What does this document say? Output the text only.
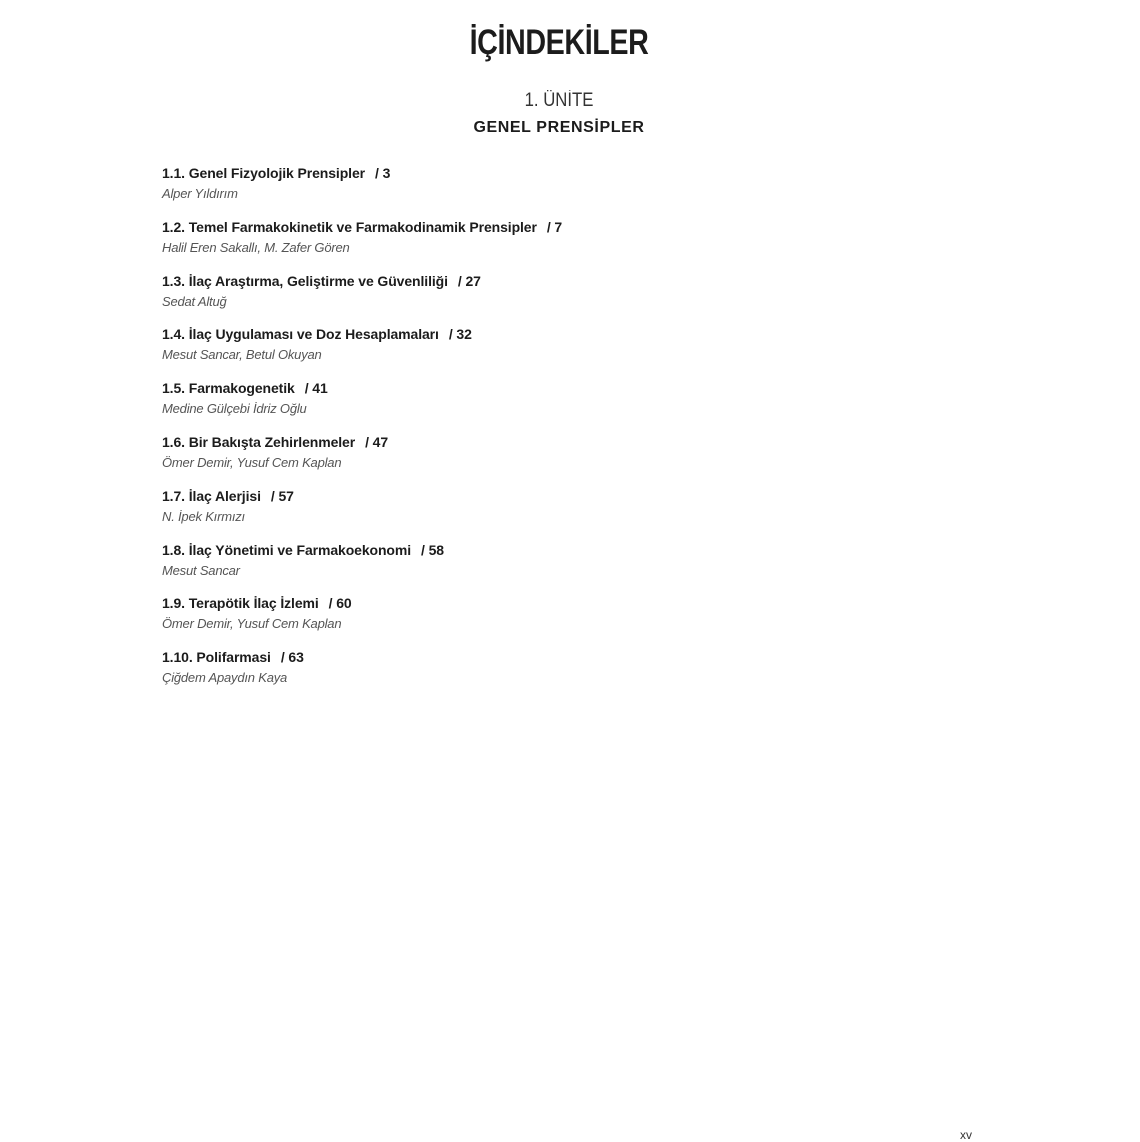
İÇİNDEKİLER
1. ÜNİTE
GENEL PRENSİPLER
1.1. Genel Fizyolojik Prensipler / 3
Alper Yıldırım
1.2. Temel Farmakokinetik ve Farmakodinamik Prensipler / 7
Halil Eren Sakallı, M. Zafer Gören
1.3. İlaç Araştırma, Geliştirme ve Güvenliliği / 27
Sedat Altuğ
1.4. İlaç Uygulaması ve Doz Hesaplamaları / 32
Mesut Sancar, Betul Okuyan
1.5. Farmakogenetik / 41
Medine Gülçebi İdriz Oğlu
1.6. Bir Bakışta Zehirlenmeler / 47
Ömer Demir, Yusuf Cem Kaplan
1.7. İlaç Alerjisi / 57
N. İpek Kırmızı
1.8. İlaç Yönetimi ve Farmakoekonomi / 58
Mesut Sancar
1.9. Terapötik İlaç İzlemi / 60
Ömer Demir, Yusuf Cem Kaplan
1.10. Polifarmasi / 63
Çiğdem Apaydın Kaya
xv
